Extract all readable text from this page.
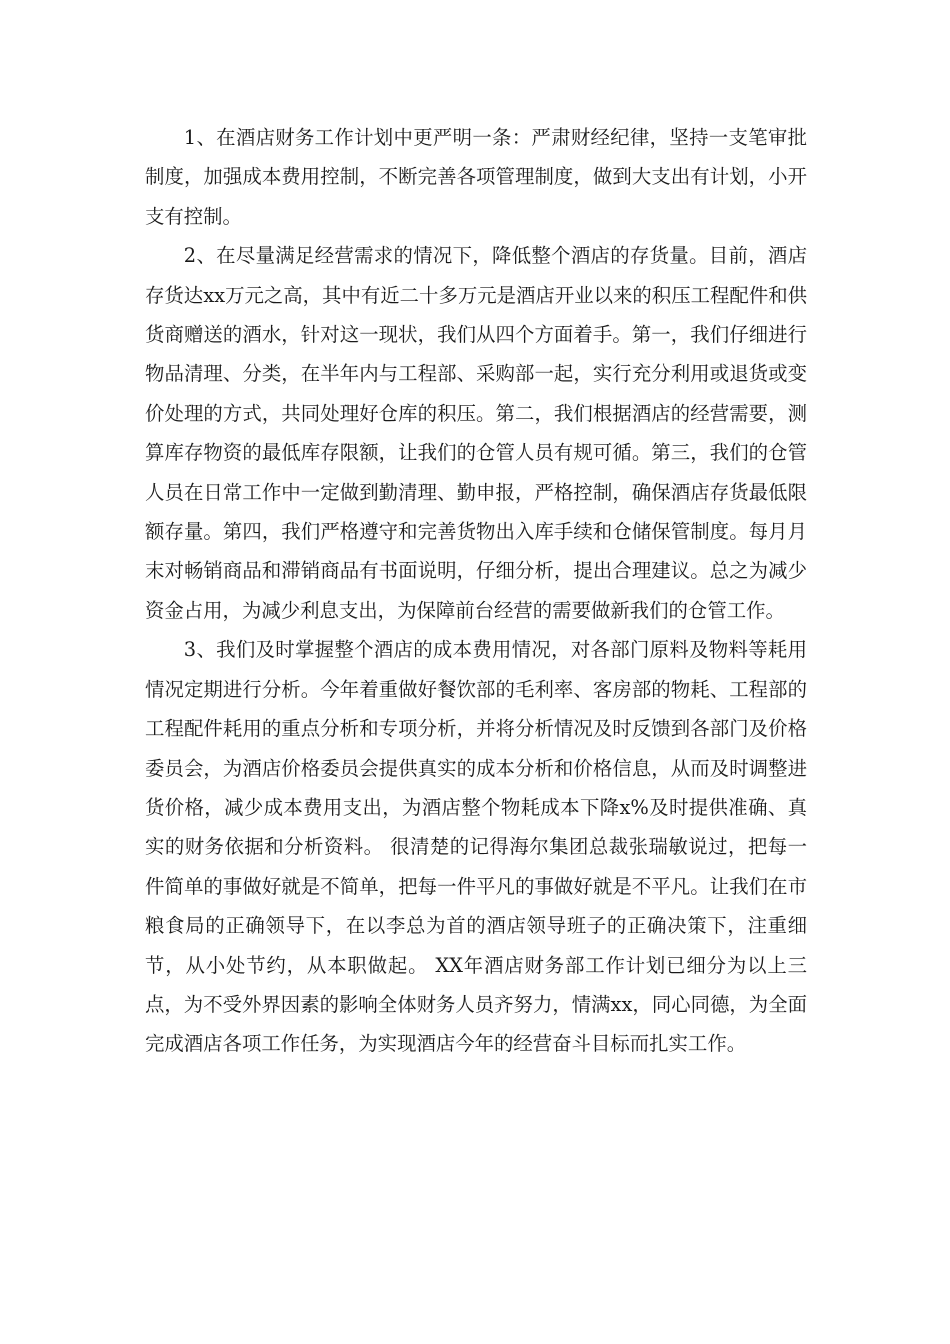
1、在酒店财务工作计划中更严明一条：严肃财经纪律，坚持一支笔审批制度，加强成本费用控制，不断完善各项管理制度，做到大支出有计划，小开支有控制。

2、在尽量满足经营需求的情况下，降低整个酒店的存货量。目前，酒店存货达xx万元之高，其中有近二十多万元是酒店开业以来的积压工程配件和供货商赠送的酒水，针对这一现状，我们从四个方面着手。第一，我们仔细进行物品清理、分类，在半年内与工程部、采购部一起，实行充分利用或退货或变价处理的方式，共同处理好仓库的积压。第二，我们根据酒店的经营需要，测算库存物资的最低库存限额，让我们的仓管人员有规可循。第三，我们的仓管人员在日常工作中一定做到勤清理、勤申报，严格控制，确保酒店存货最低限额存量。第四，我们严格遵守和完善货物出入库手续和仓储保管制度。每月月末对畅销商品和滞销商品有书面说明，仔细分析，提出合理建议。总之为减少资金占用，为减少利息支出，为保障前台经营的需要做新我们的仓管工作。

3、我们及时掌握整个酒店的成本费用情况，对各部门原料及物料等耗用情况定期进行分析。今年着重做好餐饮部的毛利率、客房部的物耗、工程部的工程配件耗用的重点分析和专项分析，并将分析情况及时反馈到各部门及价格委员会，为酒店价格委员会提供真实的成本分析和价格信息，从而及时调整进货价格，减少成本费用支出，为酒店整个物耗成本下降x%及时提供准确、真实的财务依据和分析资料。 很清楚的记得海尔集团总裁张瑞敏说过，把每一件简单的事做好就是不简单，把每一件平凡的事做好就是不平凡。让我们在市粮食局的正确领导下，在以李总为首的酒店领导班子的正确决策下，注重细节，从小处节约，从本职做起。 XX年酒店财务部工作计划已细分为以上三点，为不受外界因素的影响全体财务人员齐努力，情满xx，同心同德，为全面完成酒店各项工作任务，为实现酒店今年的经营奋斗目标而扎实工作。
